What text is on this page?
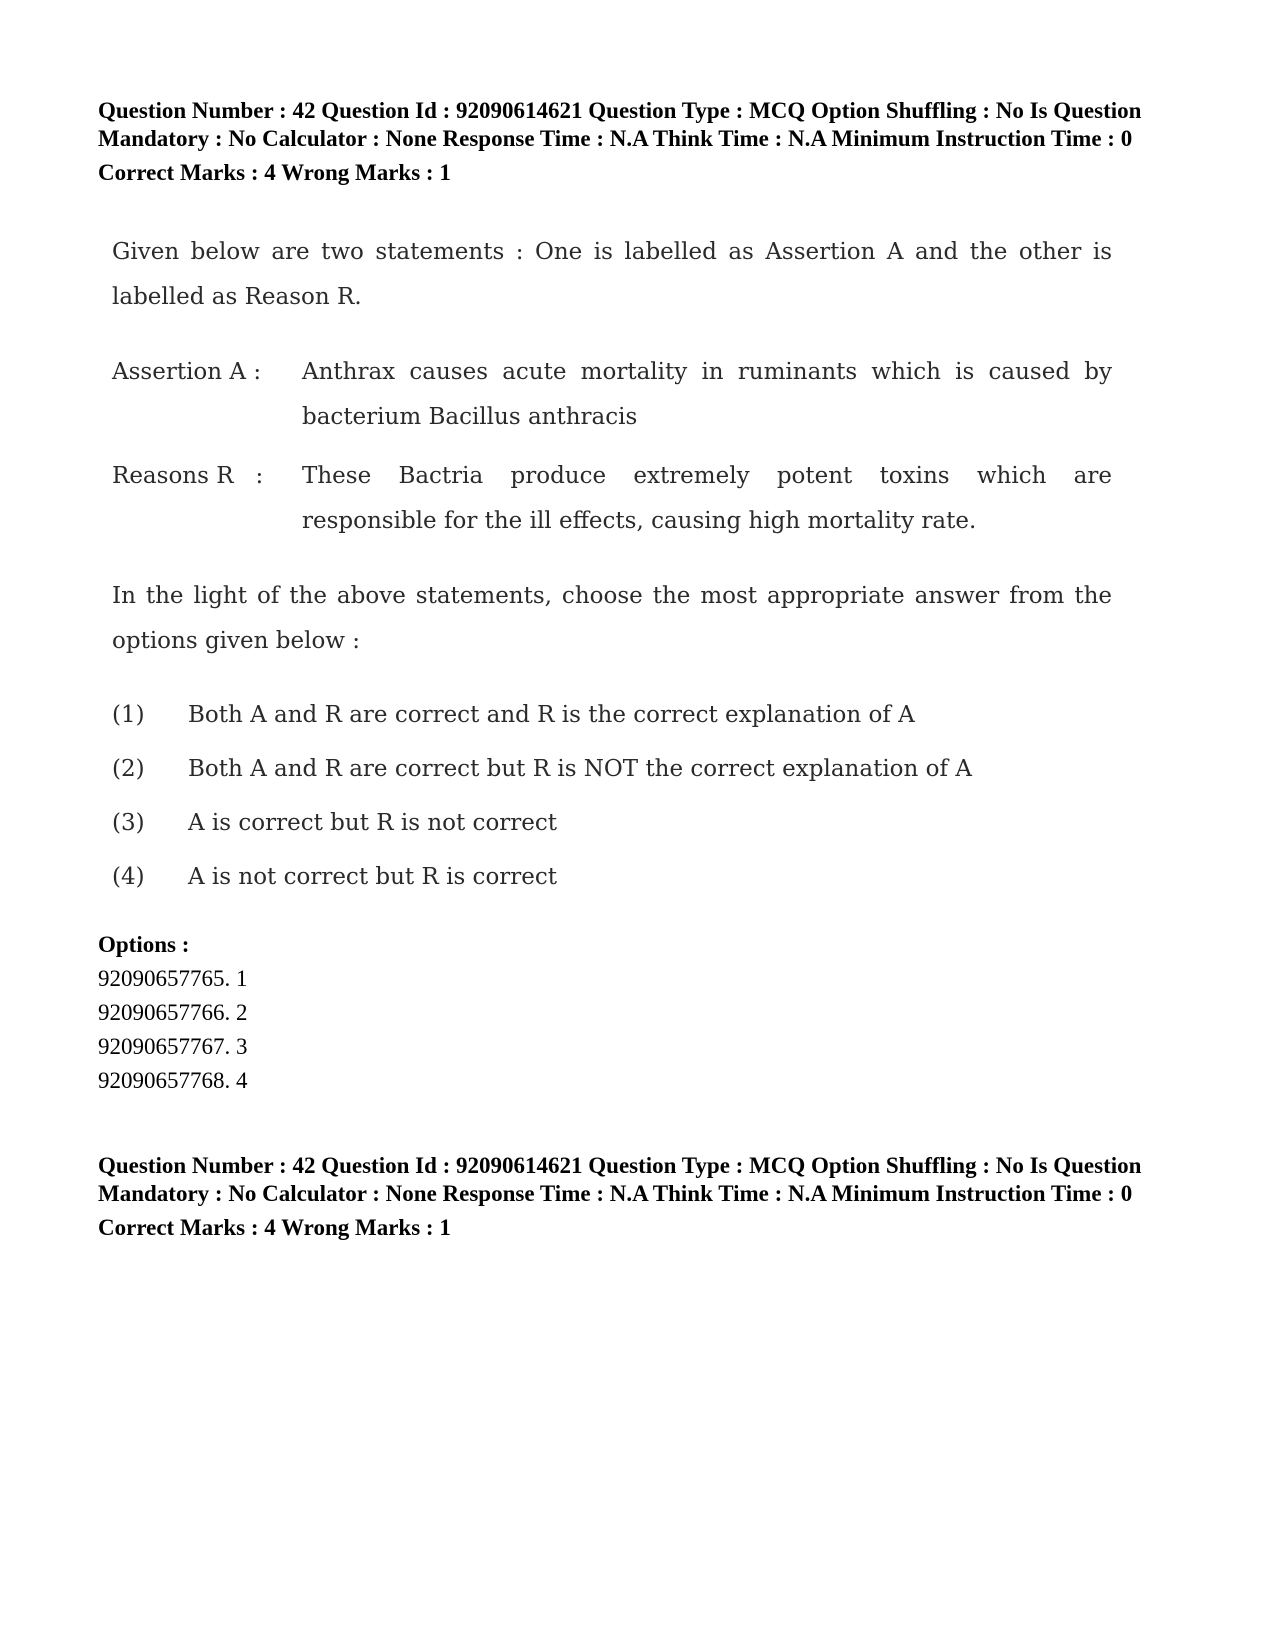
Question Number : 42 Question Id : 92090614621 Question Type : MCQ Option Shuffling : No Is Question Mandatory : No Calculator : None Response Time : N.A Think Time : N.A Minimum Instruction Time : 0
Correct Marks : 4 Wrong Marks : 1

Given below are two statements : One is labelled as Assertion A and the other is labelled as Reason R.

Assertion A : Anthrax causes acute mortality in ruminants which is caused by bacterium Bacillus anthracis
Reasons R   : These Bactria produce extremely potent toxins which are responsible for the ill effects, causing high mortality rate.

In the light of the above statements, choose the most appropriate answer from the options given below :

(1) Both A and R are correct and R is the correct explanation of A
(2) Both A and R are correct but R is NOT the correct explanation of A
(3) A is correct but R is not correct
(4) A is not correct but R is correct
Options :
92090657765. 1
92090657766. 2
92090657767. 3
92090657768. 4
Question Number : 42 Question Id : 92090614621 Question Type : MCQ Option Shuffling : No Is Question Mandatory : No Calculator : None Response Time : N.A Think Time : N.A Minimum Instruction Time : 0
Correct Marks : 4 Wrong Marks : 1
